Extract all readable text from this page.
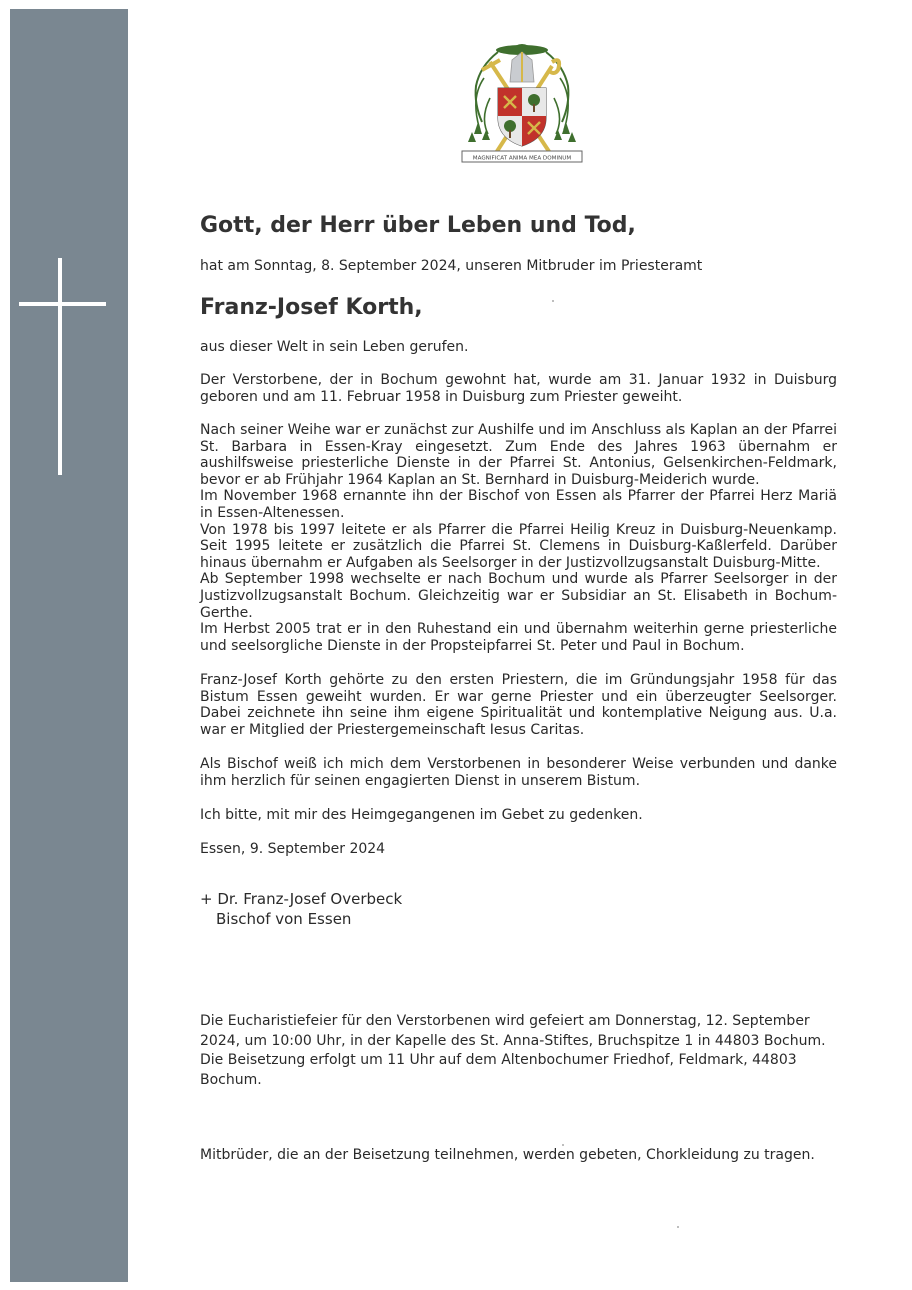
MAGNIFICAT ANIMA MEA DOMINUM
Gott, der Herr über Leben und Tod,
hat am Sonntag, 8. September 2024, unseren Mitbruder im Priesteramt
Franz-Josef Korth,
aus dieser Welt in sein Leben gerufen.

Der Verstorbene, der in Bochum gewohnt hat, wurde am 31. Januar 1932 in Duisburg geboren und am 11. Februar 1958 in Duisburg zum Priester geweiht.

Nach seiner Weihe war er zunächst zur Aushilfe und im Anschluss als Kaplan an der Pfarrei St. Barbara in Essen-Kray eingesetzt. Zum Ende des Jahres 1963 übernahm er aushilfsweise priesterliche Dienste in der Pfarrei St. Antonius, Gelsenkirchen-Feldmark, bevor er ab Frühjahr 1964 Kaplan an St. Bernhard in Duisburg-Meiderich wurde.

Im November 1968 ernannte ihn der Bischof von Essen als Pfarrer der Pfarrei Herz Mariä in Essen-Altenessen.

Von 1978 bis 1997 leitete er als Pfarrer die Pfarrei Heilig Kreuz in Duisburg-Neuenkamp. Seit 1995 leitete er zusätzlich die Pfarrei St. Clemens in Duisburg-Kaßlerfeld. Darüber hinaus übernahm er Aufgaben als Seelsorger in der Justizvollzugsanstalt Duisburg-Mitte.

Ab September 1998 wechselte er nach Bochum und wurde als Pfarrer Seelsorger in der Justizvollzugsanstalt Bochum. Gleichzeitig war er Subsidiar an St. Elisabeth in Bochum-Gerthe.

Im Herbst 2005 trat er in den Ruhestand ein und übernahm weiterhin gerne priesterliche und seelsorgliche Dienste in der Propsteipfarrei St. Peter und Paul in Bochum.

Franz-Josef Korth gehörte zu den ersten Priestern, die im Gründungsjahr 1958 für das Bistum Essen geweiht wurden. Er war gerne Priester und ein überzeugter Seelsorger. Dabei zeichnete ihn seine ihm eigene Spiritualität und kontemplative Neigung aus. U.a. war er Mitglied der Priestergemeinschaft Iesus Caritas.

Als Bischof weiß ich mich dem Verstorbenen in besonderer Weise verbunden und danke ihm herzlich für seinen engagierten Dienst in unserem Bistum.

Ich bitte, mit mir des Heimgegangenen im Gebet zu gedenken.
Essen, 9. September 2024
+ Dr. Franz-Josef Overbeck
Bischof von Essen
Die Eucharistiefeier für den Verstorbenen wird gefeiert am Donnerstag, 12. September
2024, um 10:00 Uhr, in der Kapelle des St. Anna-Stiftes, Bruchspitze 1 in 44803 Bochum.
Die Beisetzung erfolgt um 11 Uhr auf dem Altenbochumer Friedhof, Feldmark, 44803
Bochum.
Mitbrüder, die an der Beisetzung teilnehmen, werden gebeten, Chorkleidung zu tragen.
